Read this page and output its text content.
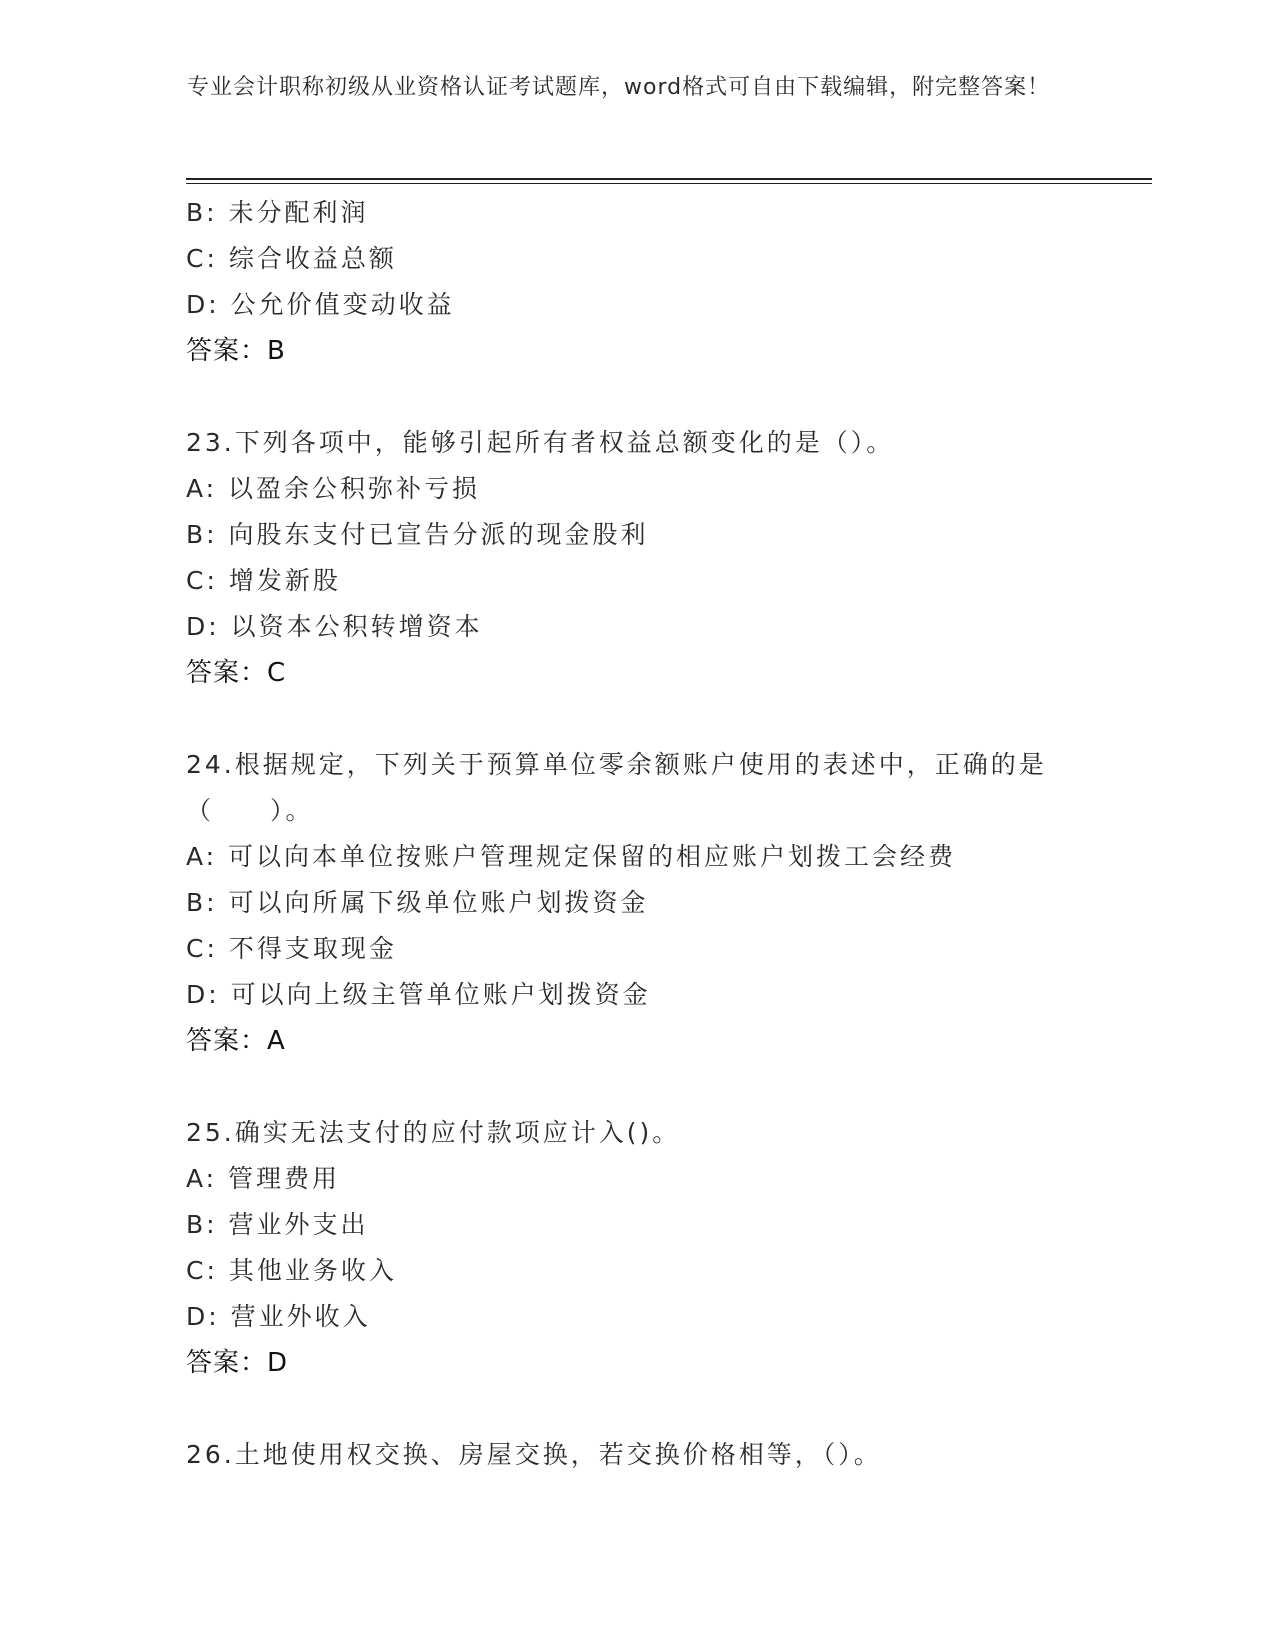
专业会计职称初级从业资格认证考试题库，word格式可自由下载编辑，附完整答案！
B: 未分配利润
C: 综合收益总额
D: 公允价值变动收益
答案：B
23.下列各项中，能够引起所有者权益总额变化的是（）。
A: 以盈余公积弥补亏损
B: 向股东支付已宣告分派的现金股利
C: 增发新股
D: 以资本公积转增资本
答案：C
24.根据规定，下列关于预算单位零余额账户使用的表述中，正确的是
（　　）。
A: 可以向本单位按账户管理规定保留的相应账户划拨工会经费
B: 可以向所属下级单位账户划拨资金
C: 不得支取现金
D: 可以向上级主管单位账户划拨资金
答案：A
25.确实无法支付的应付款项应计入()。
A: 管理费用
B: 营业外支出
C: 其他业务收入
D: 营业外收入
答案：D
26.土地使用权交换、房屋交换，若交换价格相等，（）。
